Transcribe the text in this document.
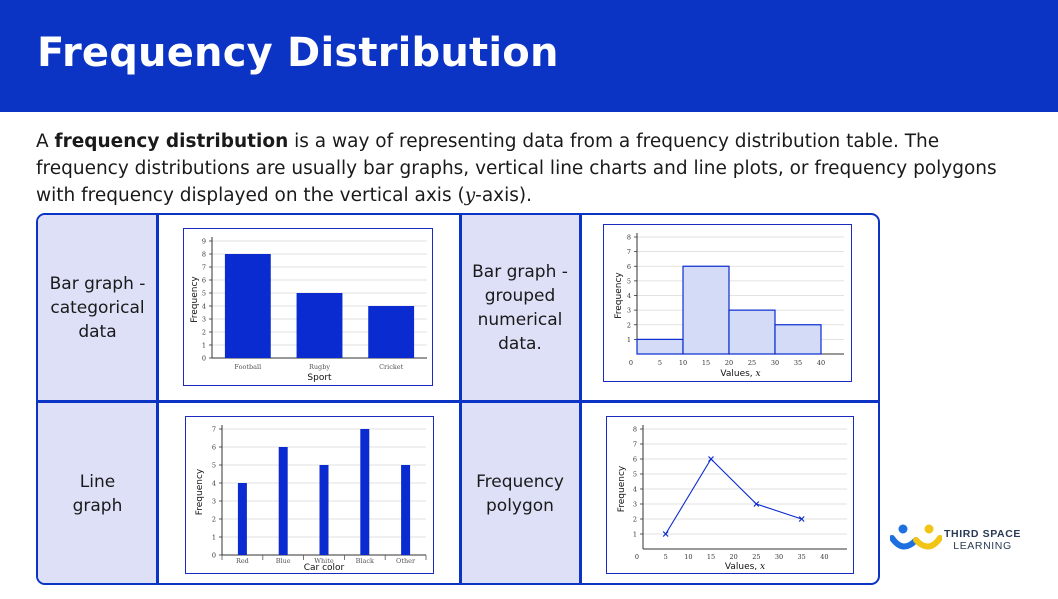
Frequency Distribution
A frequency distribution is a way of representing data from a frequency distribution table. The frequency distributions are usually bar graphs, vertical line charts and line plots, or frequency polygons with frequency displayed on the vertical axis (y-axis).
Bar graph - categorical data
Bar graph - grouped numerical data.
Line graph
Frequency polygon
0
1
2
3
4
5
6
7
8
9
Frequency
Sport
Football	Rugby	Cricket
1
2
3
4
5
6
7
8
Frequency
Values, x
0	5	10 15 20 25 30 35 40
0
1
2
3
4
5
6
7
Frequency
Car color
Red	Blue	White	Black	Other
1
2
3
4
5
6
7
8
Frequency
Values, x
0	5	10 15 20 25 30 35 40
THIRD SPACE
LEARNING
